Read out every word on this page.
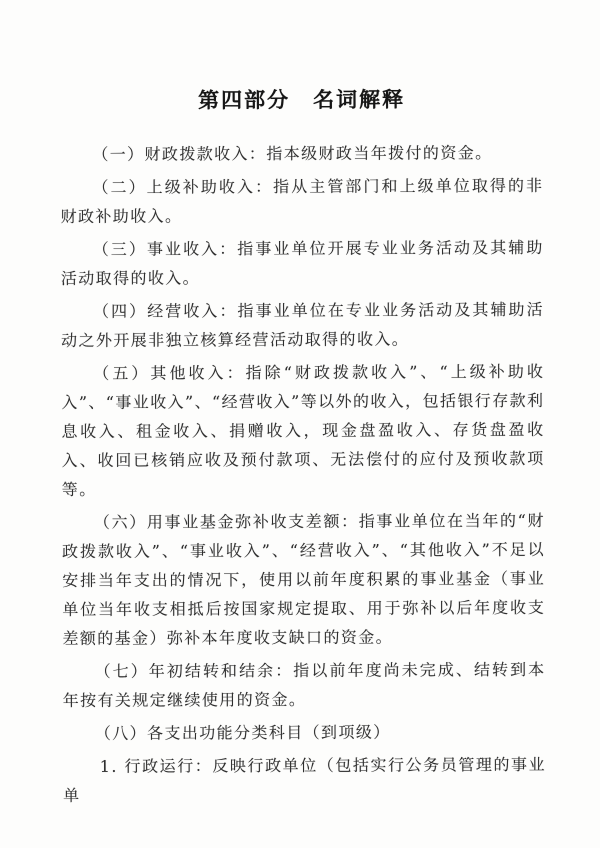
第四部分　名词解释

（一）财政拨款收入：指本级财政当年拨付的资金。

（二）上级补助收入：指从主管部门和上级单位取得的非财政补助收入。

（三）事业收入：指事业单位开展专业业务活动及其辅助活动取得的收入。

（四）经营收入：指事业单位在专业业务活动及其辅助活动之外开展非独立核算经营活动取得的收入。

（五）其他收入：指除“财政拨款收入”、“上级补助收入”、“事业收入”、“经营收入”等以外的收入，包括银行存款利息收入、租金收入、捐赠收入，现金盘盈收入、存货盘盈收入、收回已核销应收及预付款项、无法偿付的应付及预收款项等。

（六）用事业基金弥补收支差额：指事业单位在当年的“财政拨款收入”、“事业收入”、“经营收入”、“其他收入”不足以安排当年支出的情况下，使用以前年度积累的事业基金（事业单位当年收支相抵后按国家规定提取、用于弥补以后年度收支差额的基金）弥补本年度收支缺口的资金。

（七）年初结转和结余：指以前年度尚未完成、结转到本年按有关规定继续使用的资金。

（八）各支出功能分类科目（到项级）

1. 行政运行：反映行政单位（包括实行公务员管理的事业单
